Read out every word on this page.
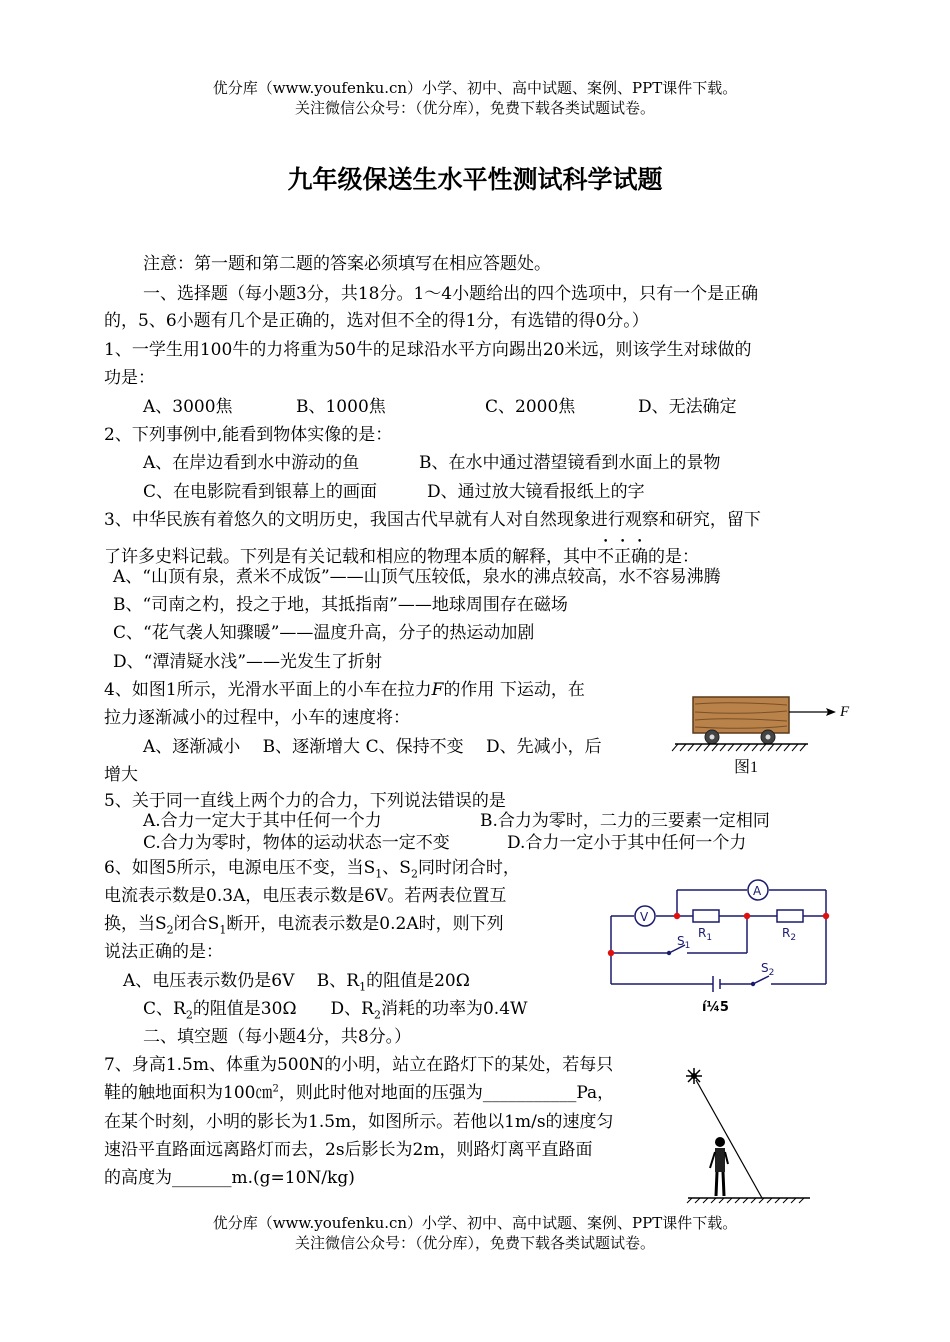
优分库（www.youfenku.cn）小学、初中、高中试题、案例、PPT课件下载。
关注微信公众号：（优分库），免费下载各类试题试卷。
九年级保送生水平性测试科学试题
注意：第一题和第二题的答案必须填写在相应答题处。
一、选择题（每小题3分，共18分。1～4小题给出的四个选项中，只有一个是正确
的，5、6小题有几个是正确的，选对但不全的得1分，有选错的得0分。）
1、一学生用100牛的力将重为50牛的足球沿水平方向踢出20米远，则该学生对球做的
功是：
A、3000焦	B、1000焦	C、2000焦	D、无法确定
2、下列事例中,能看到物体实像的是：
A、在岸边看到水中游动的鱼	B、在水中通过潜望镜看到水面上的景物
C、在电影院看到银幕上的画面	D、通过放大镜看报纸上的字
3、中华民族有着悠久的文明历史，我国古代早就有人对自然现象进行观察和研究，留下
了许多史料记载。下列是有关记载和相应的物理本质的解释，其中不正确的是：
A、“山顶有泉，煮米不成饭”——山顶气压较低，泉水的沸点较高，水不容易沸腾
B、“司南之杓，投之于地，其抵指南”——地球周围存在磁场
C、“花气袭人知骤暖”——温度升高，分子的热运动加剧
D、“潭清疑水浅”——光发生了折射
4、如图1所示，光滑水平面上的小车在拉力F的作用 下运动，在
拉力逐渐减小的过程中，小车的速度将：
A、逐渐减小　 B、逐渐增大 C、保持不变　 D、先减小，后
增大
F
图1
5、关于同一直线上两个力的合力，下列说法错误的是
A.合力一定大于其中任何一个力	B.合力为零时，二力的三要素一定相同
C.合力为零时，物体的运动状态一定不变	D.合力一定小于其中任何一个力
6、如图5所示，电源电压不变，当$S_1$、$S_2$同时闭合时，
电流表示数是0.3A，电压表示数是6V。若两表位置互
换，当$S_2$闭合$S_1$断开，电流表示数是0.2A时，则下列
说法正确的是：
A、电压表示数仍是6V　 B、$R_1$的阻值是20Ω
C、$R_2$的阻值是30Ω　　D、$R_2$消耗的功率为0.4W
A
V
$R_1$	$R_2$
$S_1$
$S_2$
í¼5
二、填空题（每小题4分，共8分。）
7、身高1.5m、体重为500N的小明，站立在路灯下的某处，若每只
鞋的触地面积为100㎝$^2$，则此时他对地面的压强为___________Pa，
在某个时刻，小明的影长为1.5m，如图所示。若他以1m/s的速度匀
速沿平直路面远离路灯而去，2s后影长为2m，则路灯离平直路面
的高度为_______m.(g=10N/kg)
优分库（www.youfenku.cn）小学、初中、高中试题、案例、PPT课件下载。
关注微信公众号：（优分库），免费下载各类试题试卷。
